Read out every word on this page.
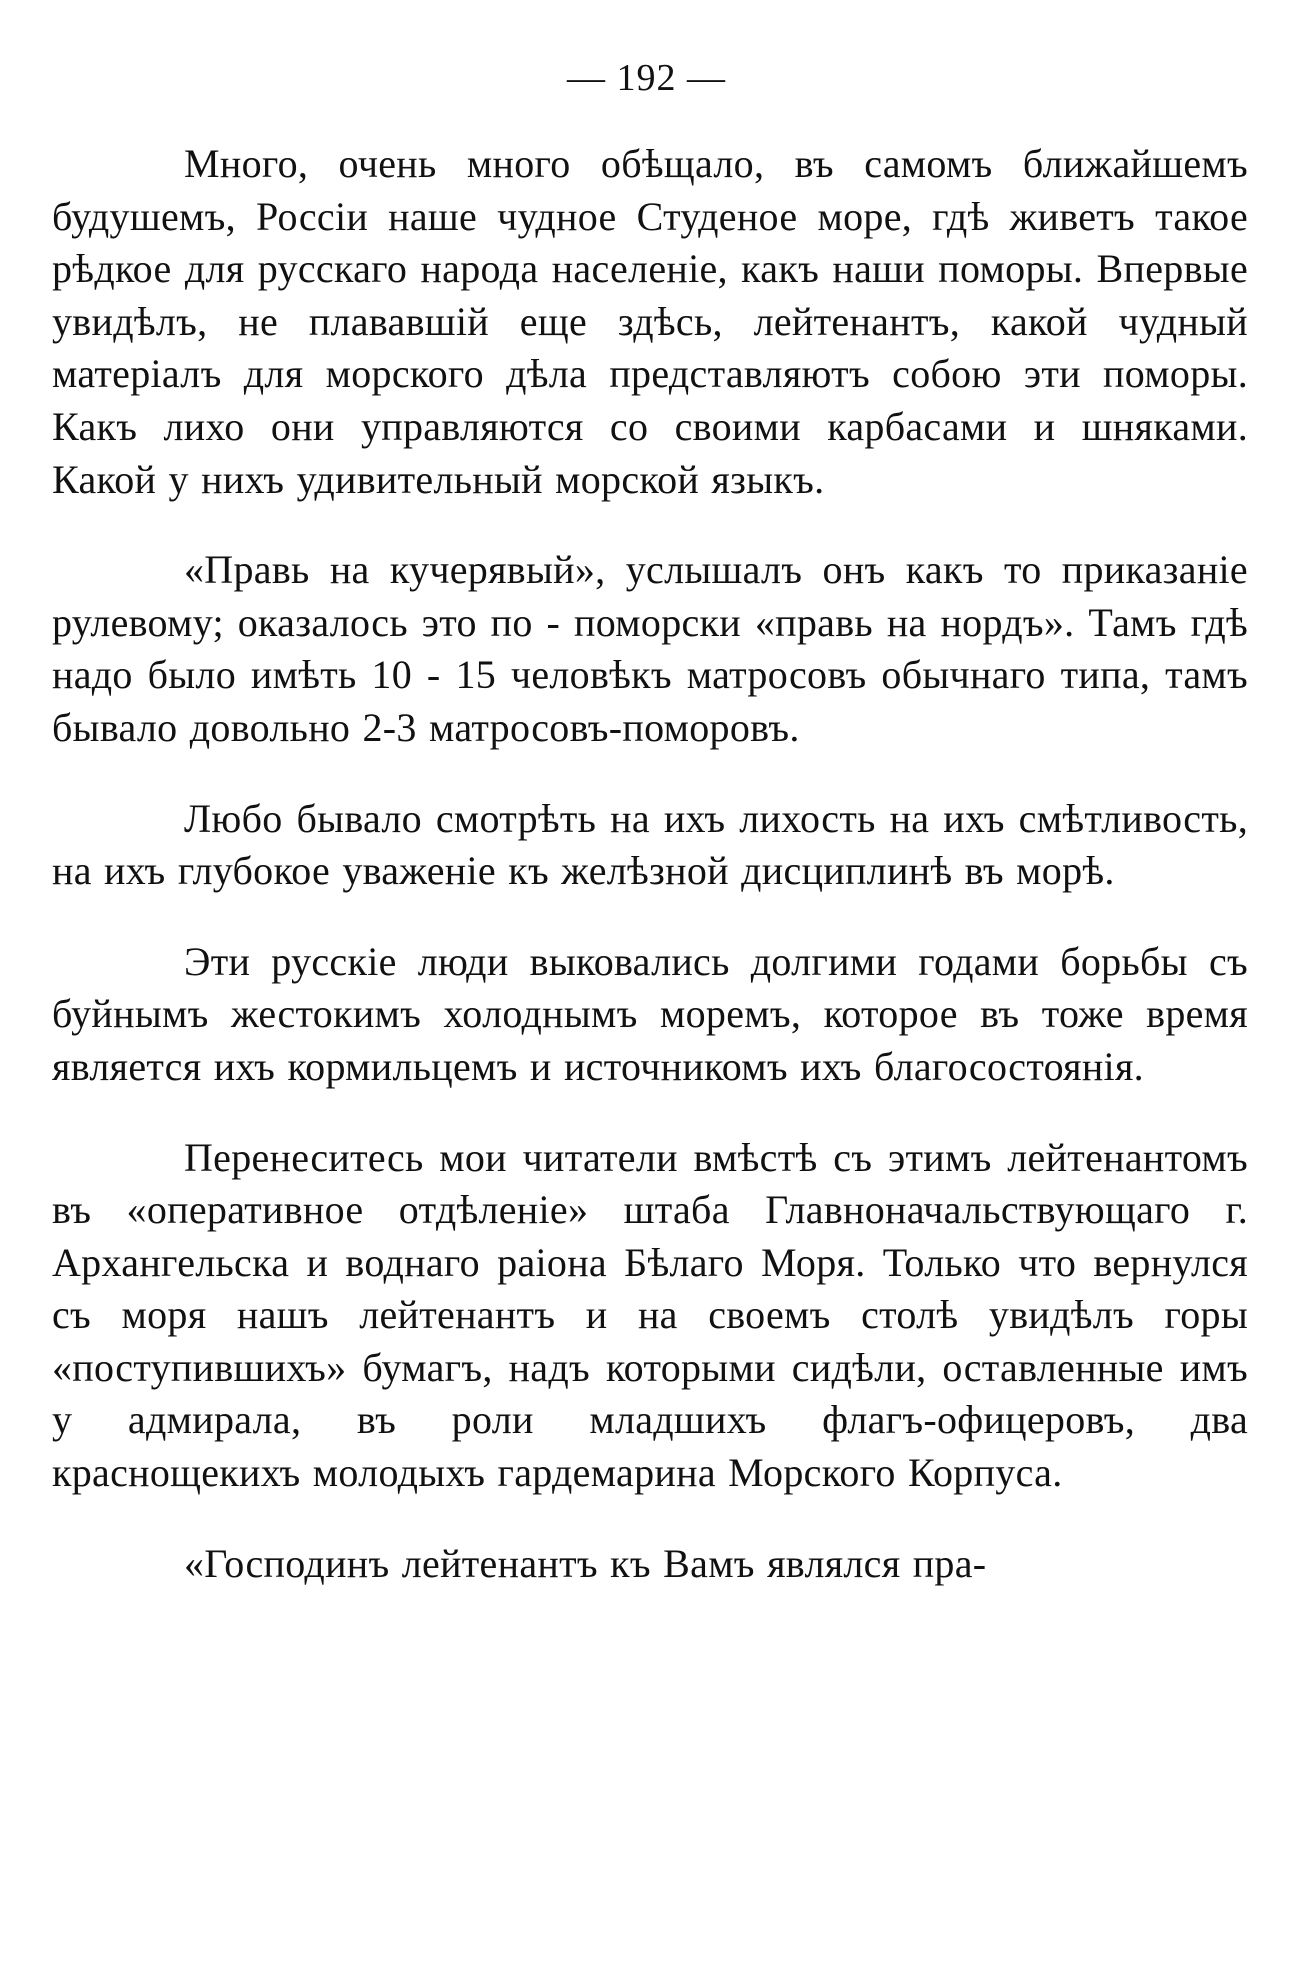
— 192 —

Много, очень много обѣщало, въ самомъ ближайшемъ будушемъ, Россіи наше чудное Студеное море, гдѣ живетъ такое рѣдкое для русскаго народа населеніе, какъ наши поморы. Впервые увидѣлъ, не плававшій еще здѣсь, лейтенантъ, какой чудный матеріалъ для морского дѣла представляютъ собою эти поморы. Какъ лихо они управляются со своими карбасами и шняками. Какой у нихъ удивительный морской языкъ.

«Правь на кучерявый», услышалъ онъ какъ то приказаніе рулевому; оказалось это по - поморски «правь на нордъ». Тамъ гдѣ надо было имѣть 10 - 15 человѣкъ матросовъ обычнаго типа, тамъ бывало довольно 2-3 матросовъ-поморовъ.

Любо бывало смотрѣть на ихъ лихость на ихъ смѣтливость, на ихъ глубокое уваженіе къ желѣзной дисциплинѣ въ морѣ.

Эти русскіе люди выковались долгими годами борьбы съ буйнымъ жестокимъ холоднымъ моремъ, которое въ тоже время является ихъ кормильцемъ и источникомъ ихъ благосостоянія.

Перенеситесь мои читатели вмѣстѣ съ этимъ лейтенантомъ въ «оперативное отдѣленіе» штаба Главноначальствующаго г. Архангельска и воднаго раіона Бѣлаго Моря. Только что вернулся съ моря нашъ лейтенантъ и на своемъ столѣ увидѣлъ горы «поступившихъ» бумагъ, надъ которыми сидѣли, оставленные имъ у адмирала, въ роли младшихъ флагъ-офицеровъ, два краснощекихъ молодыхъ гардемарина Морского Корпуса.

«Господинъ лейтенантъ къ Вамъ являлся пра-
